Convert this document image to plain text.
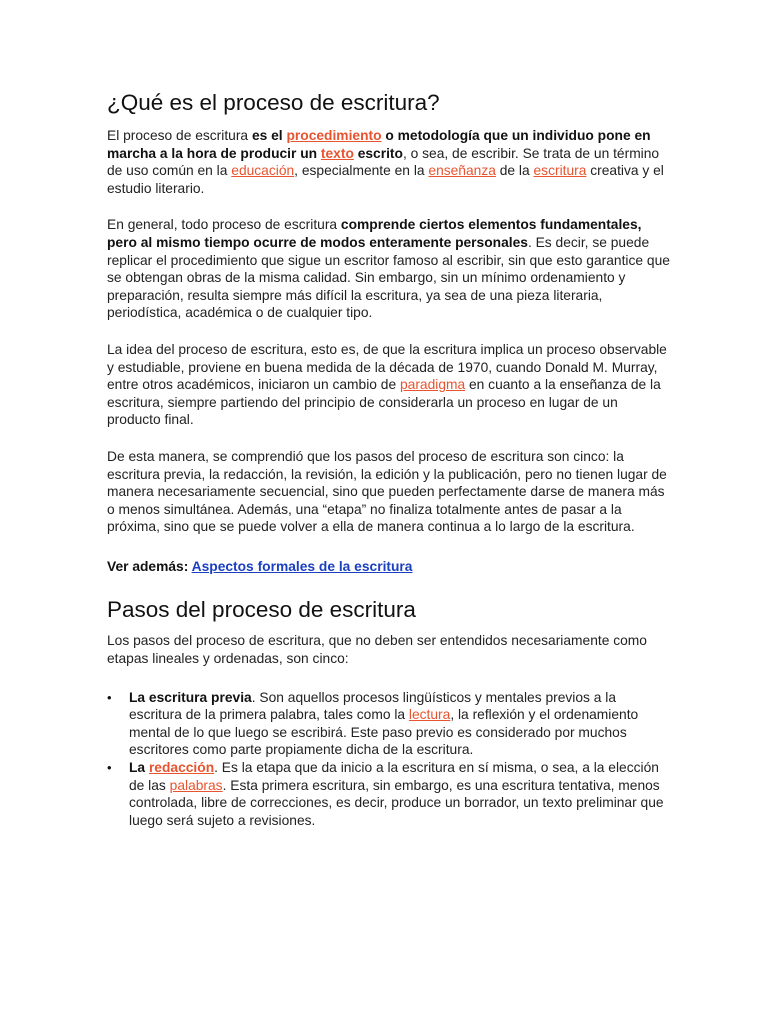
¿Qué es el proceso de escritura?

El proceso de escritura es el procedimiento o metodología que un individuo pone en marcha a la hora de producir un texto escrito, o sea, de escribir. Se trata de un término de uso común en la educación, especialmente en la enseñanza de la escritura creativa y el estudio literario.

En general, todo proceso de escritura comprende ciertos elementos fundamentales, pero al mismo tiempo ocurre de modos enteramente personales. Es decir, se puede replicar el procedimiento que sigue un escritor famoso al escribir, sin que esto garantice que se obtengan obras de la misma calidad. Sin embargo, sin un mínimo ordenamiento y preparación, resulta siempre más difícil la escritura, ya sea de una pieza literaria, periodística, académica o de cualquier tipo.

La idea del proceso de escritura, esto es, de que la escritura implica un proceso observable y estudiable, proviene en buena medida de la década de 1970, cuando Donald M. Murray, entre otros académicos, iniciaron un cambio de paradigma en cuanto a la enseñanza de la escritura, siempre partiendo del principio de considerarla un proceso en lugar de un producto final.

De esta manera, se comprendió que los pasos del proceso de escritura son cinco: la escritura previa, la redacción, la revisión, la edición y la publicación, pero no tienen lugar de manera necesariamente secuencial, sino que pueden perfectamente darse de manera más o menos simultánea. Además, una “etapa” no finaliza totalmente antes de pasar a la próxima, sino que se puede volver a ella de manera continua a lo largo de la escritura.

Ver además: Aspectos formales de la escritura

Pasos del proceso de escritura

Los pasos del proceso de escritura, que no deben ser entendidos necesariamente como etapas lineales y ordenadas, son cinco:

•	La escritura previa. Son aquellos procesos lingüísticos y mentales previos a la escritura de la primera palabra, tales como la lectura, la reflexión y el ordenamiento mental de lo que luego se escribirá. Este paso previo es considerado por muchos escritores como parte propiamente dicha de la escritura.
•	La redacción. Es la etapa que da inicio a la escritura en sí misma, o sea, a la elección de las palabras. Esta primera escritura, sin embargo, es una escritura tentativa, menos controlada, libre de correcciones, es decir, produce un borrador, un texto preliminar que luego será sujeto a revisiones.
